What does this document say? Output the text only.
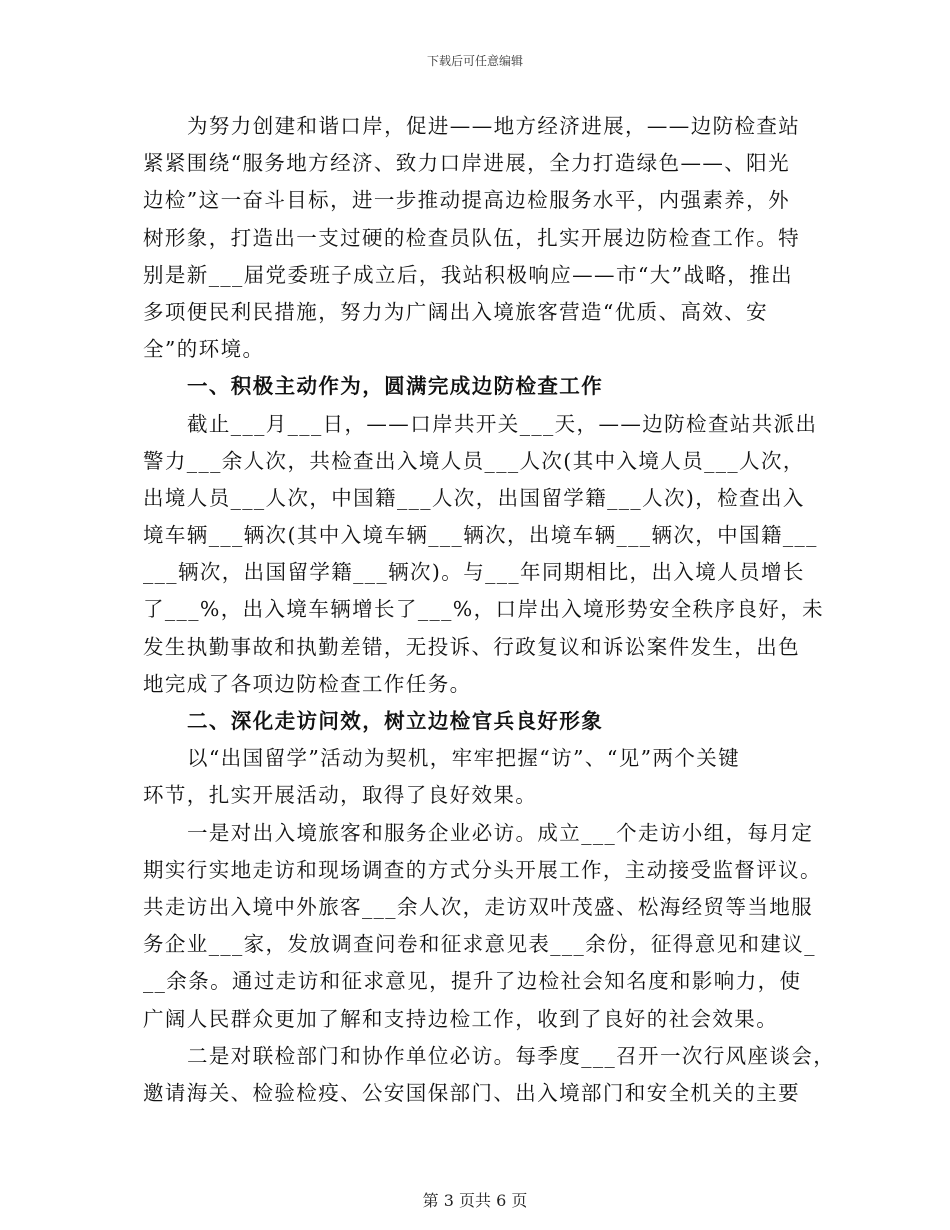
下载后可任意编辑
为努力创建和谐口岸，促进——地方经济进展，——边防检查站
紧紧围绕“服务地方经济、致力口岸进展，全力打造绿色——、阳光
边检”这一奋斗目标，进一步推动提高边检服务水平，内强素养，外
树形象，打造出一支过硬的检查员队伍，扎实开展边防检查工作。特
别是新___届党委班子成立后，我站积极响应——市“大”战略，推出
多项便民利民措施，努力为广阔出入境旅客营造“优质、高效、安
全”的环境。
一、积极主动作为，圆满完成边防检查工作
截止___月___日，——口岸共开关___天，——边防检查站共派出
警力___余人次，共检查出入境人员___人次(其中入境人员___人次，
出境人员___人次，中国籍___人次，出国留学籍___人次)，检查出入
境车辆___辆次(其中入境车辆___辆次，出境车辆___辆次，中国籍___
___辆次，出国留学籍___辆次)。与___年同期相比，出入境人员增长
了___%，出入境车辆增长了___%，口岸出入境形势安全秩序良好，未
发生执勤事故和执勤差错，无投诉、行政复议和诉讼案件发生，出色
地完成了各项边防检查工作任务。
二、深化走访问效，树立边检官兵良好形象
以“出国留学”活动为契机，牢牢把握“访”、“见”两个关键
环节，扎实开展活动，取得了良好效果。
一是对出入境旅客和服务企业必访。成立___个走访小组，每月定
期实行实地走访和现场调查的方式分头开展工作，主动接受监督评议。
共走访出入境中外旅客___余人次，走访双叶茂盛、松海经贸等当地服
务企业___家，发放调查问卷和征求意见表___余份，征得意见和建议_
__余条。通过走访和征求意见，提升了边检社会知名度和影响力，使
广阔人民群众更加了解和支持边检工作，收到了良好的社会效果。
二是对联检部门和协作单位必访。每季度___召开一次行风座谈会，
邀请海关、检验检疫、公安国保部门、出入境部门和安全机关的主要
第 3 页共 6 页
